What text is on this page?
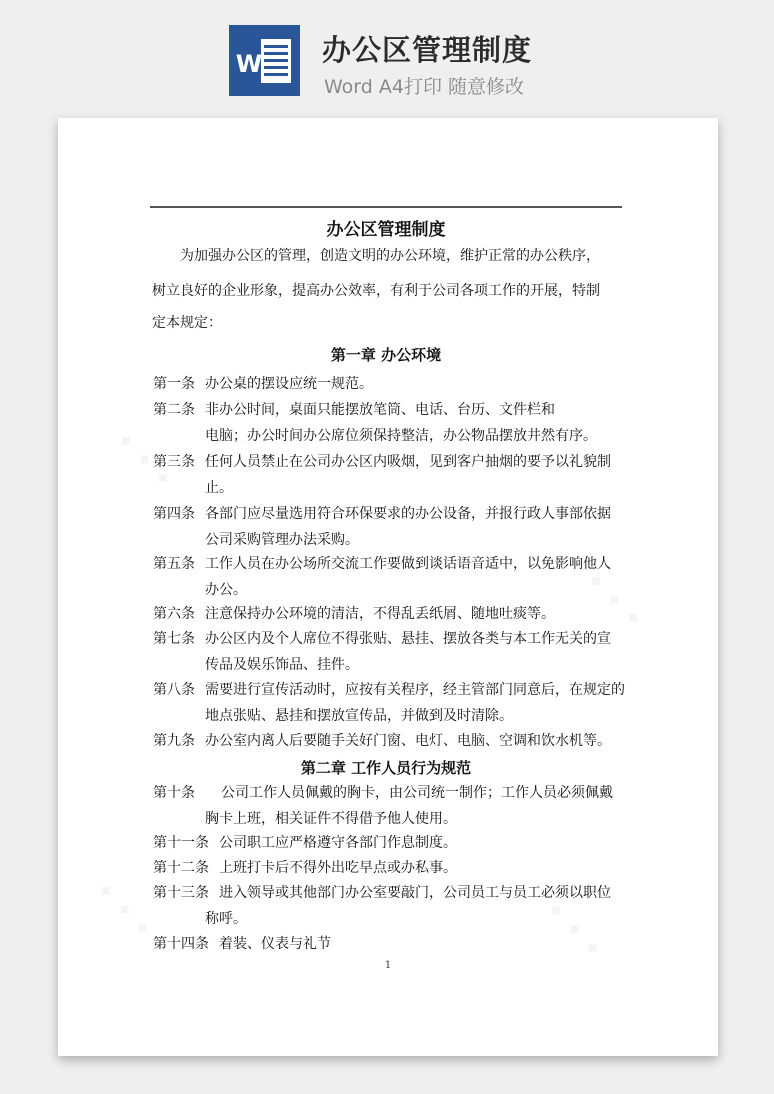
W 办公区管理制度
Word A4打印 随意修改
办公区管理制度
为加强办公区的管理，创造文明的办公环境，维护正常的办公秩序，
树立良好的企业形象，提高办公效率，有利于公司各项工作的开展，特制
定本规定：
第一章 办公环境
第一条 办公桌的摆设应统一规范。
第二条 非办公时间，桌面只能摆放笔筒、电话、台历、文件栏和
电脑；办公时间办公席位须保持整洁，办公物品摆放井然有序。
第三条 任何人员禁止在公司办公区内吸烟，见到客户抽烟的要予以礼貌制
止。
第四条 各部门应尽量选用符合环保要求的办公设备，并报行政人事部依据
公司采购管理办法采购。
第五条 工作人员在办公场所交流工作要做到谈话语音适中，以免影响他人
办公。
第六条 注意保持办公环境的清洁，不得乱丢纸屑、随地吐痰等。
第七条 办公区内及个人席位不得张贴、悬挂、摆放各类与本工作无关的宣
传品及娱乐饰品、挂件。
第八条 需要进行宣传活动时，应按有关程序，经主管部门同意后，在规定的
地点张贴、悬挂和摆放宣传品，并做到及时清除。
第九条 办公室内离人后要随手关好门窗、电灯、电脑、空调和饮水机等。
第二章 工作人员行为规范
第十条	公司工作人员佩戴的胸卡，由公司统一制作；工作人员必须佩戴
胸卡上班，相关证件不得借予他人使用。
第十一条 公司职工应严格遵守各部门作息制度。
第十二条 上班打卡后不得外出吃早点或办私事。
第十三条 进入领导或其他部门办公室要敲门，公司员工与员工必须以职位
称呼。
第十四条 着装、仪表与礼节
1
